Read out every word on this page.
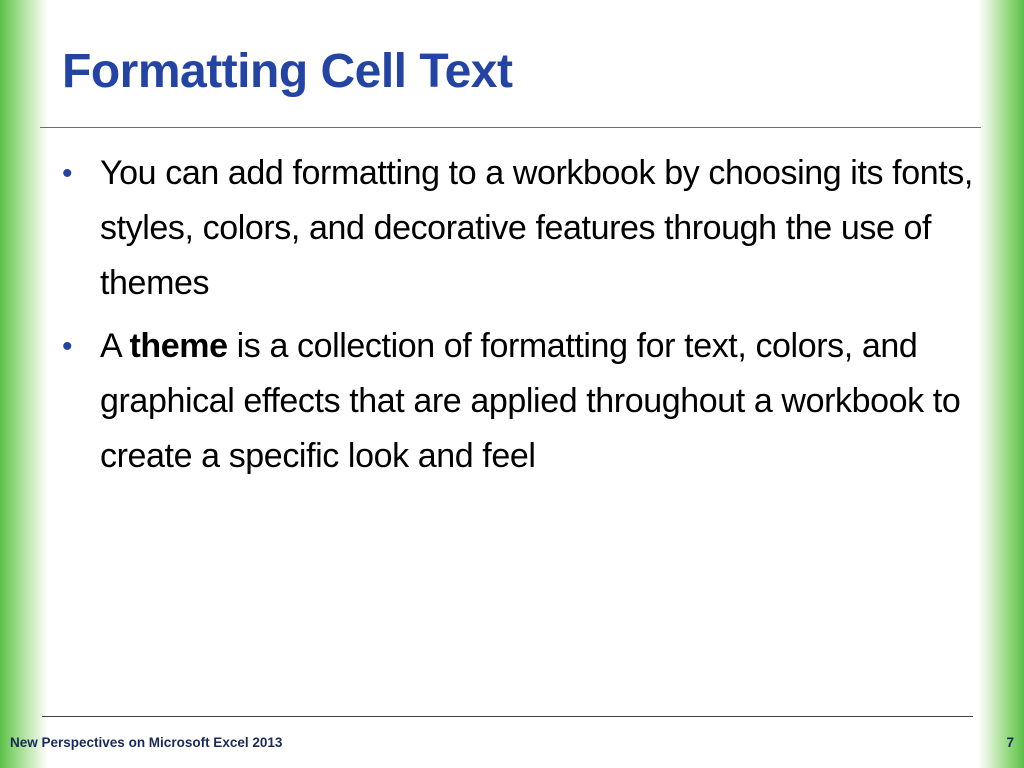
Formatting Cell Text
• You can add formatting to a workbook by choosing its fonts, styles, colors, and decorative features through the use of themes
• A theme is a collection of formatting for text, colors, and graphical effects that are applied throughout a workbook to create a specific look and feel
New Perspectives on Microsoft Excel 2013	7
